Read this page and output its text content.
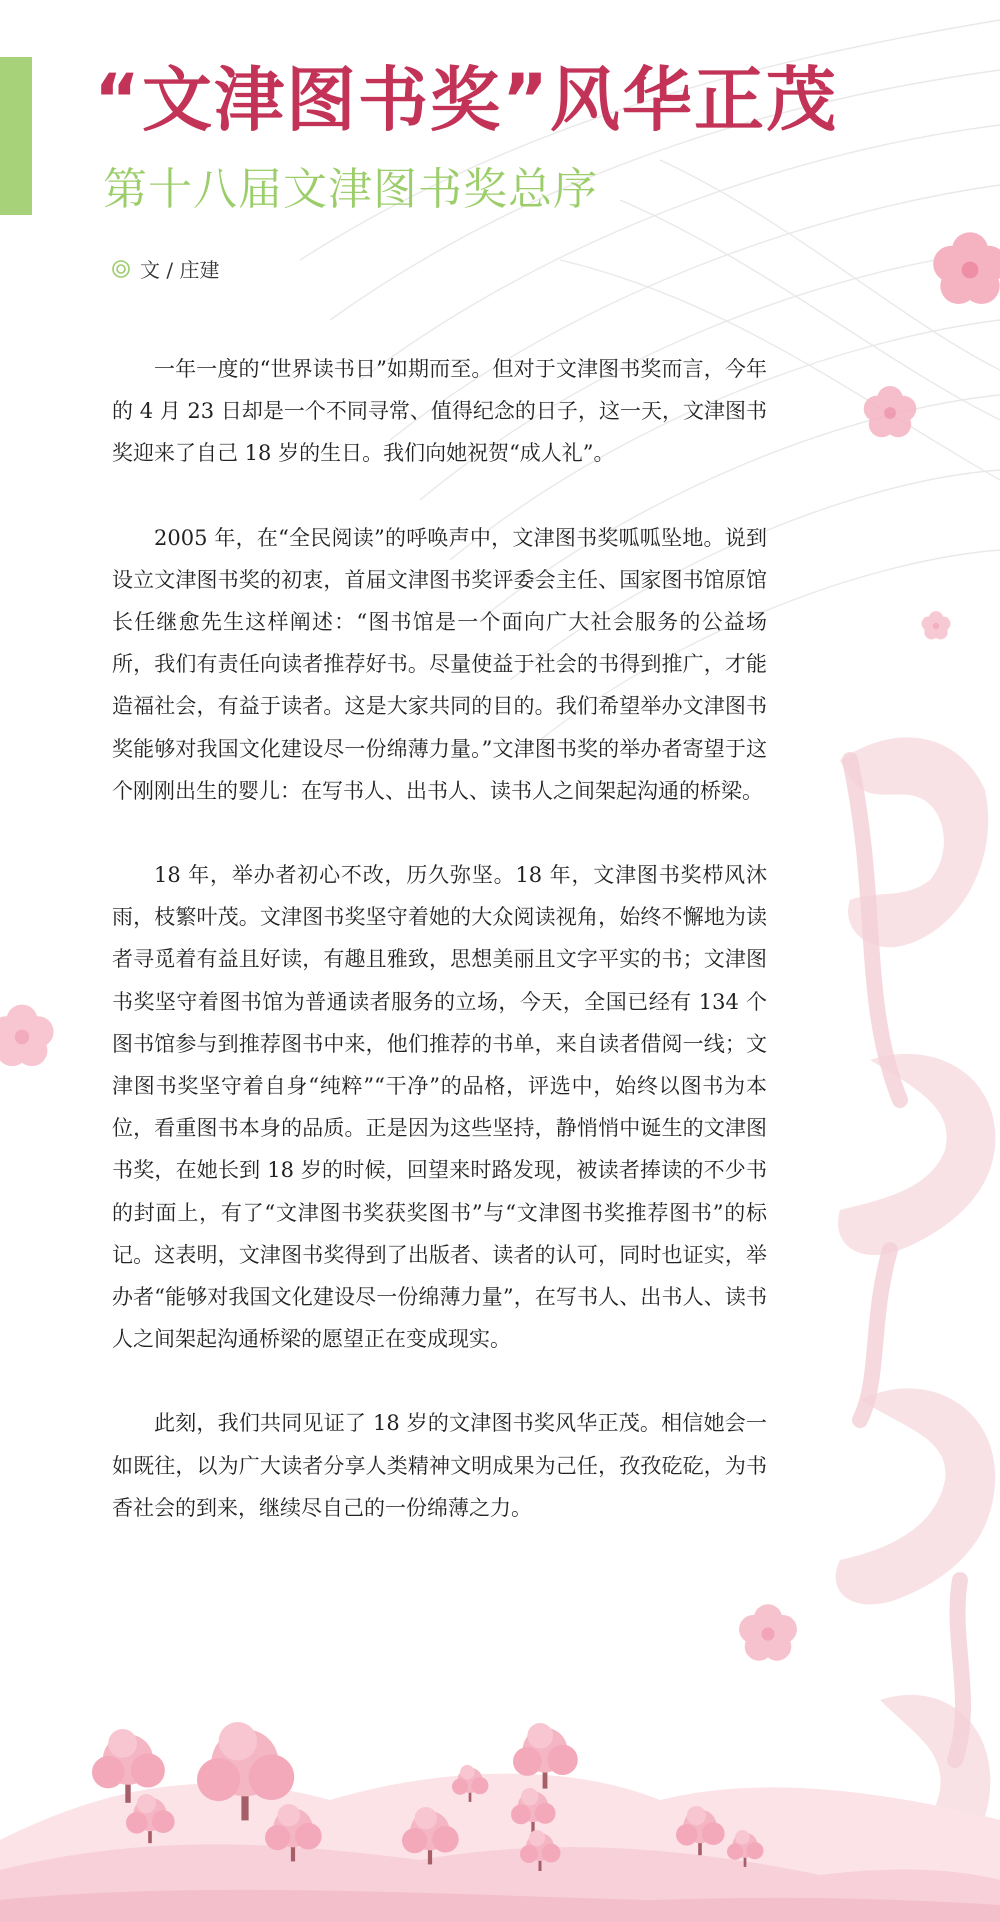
“文津图书奖”风华正茂
第十八届文津图书奖总序
文 / 庄建

一年一度的“世界读书日”如期而至。但对于文津图书奖而言，今年的 4 月 23 日却是一个不同寻常、值得纪念的日子，这一天，文津图书奖迎来了自己 18 岁的生日。我们向她祝贺“成人礼”。

2005 年，在“全民阅读”的呼唤声中，文津图书奖呱呱坠地。说到设立文津图书奖的初衷，首届文津图书奖评委会主任、国家图书馆原馆长任继愈先生这样阐述：“图书馆是一个面向广大社会服务的公益场所，我们有责任向读者推荐好书。尽量使益于社会的书得到推广，才能造福社会，有益于读者。这是大家共同的目的。我们希望举办文津图书奖能够对我国文化建设尽一份绵薄力量。”文津图书奖的举办者寄望于这个刚刚出生的婴儿：在写书人、出书人、读书人之间架起沟通的桥梁。

18 年，举办者初心不改，历久弥坚。18 年，文津图书奖栉风沐雨，枝繁叶茂。文津图书奖坚守着她的大众阅读视角，始终不懈地为读者寻觅着有益且好读，有趣且雅致，思想美丽且文字平实的书；文津图书奖坚守着图书馆为普通读者服务的立场，今天，全国已经有 134 个图书馆参与到推荐图书中来，他们推荐的书单，来自读者借阅一线；文津图书奖坚守着自身“纯粹”“干净”的品格，评选中，始终以图书为本位，看重图书本身的品质。正是因为这些坚持，静悄悄中诞生的文津图书奖，在她长到 18 岁的时候，回望来时路发现，被读者捧读的不少书的封面上，有了“文津图书奖获奖图书”与“文津图书奖推荐图书”的标记。这表明，文津图书奖得到了出版者、读者的认可，同时也证实，举办者“能够对我国文化建设尽一份绵薄力量”，在写书人、出书人、读书人之间架起沟通桥梁的愿望正在变成现实。

此刻，我们共同见证了 18 岁的文津图书奖风华正茂。相信她会一如既往，以为广大读者分享人类精神文明成果为己任，孜孜矻矻，为书香社会的到来，继续尽自己的一份绵薄之力。
